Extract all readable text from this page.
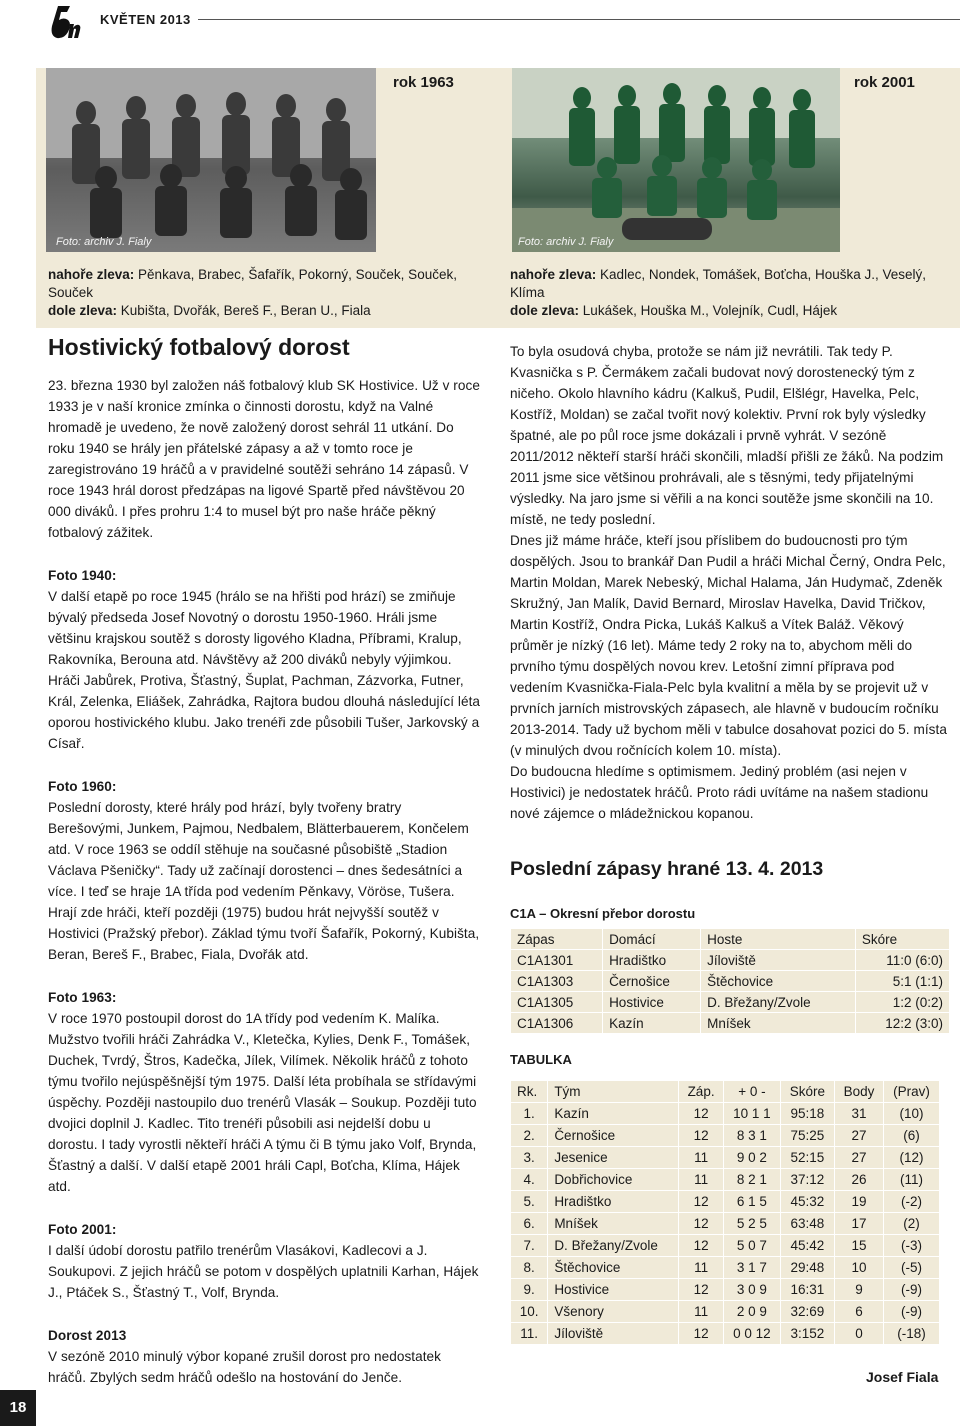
KVĚTEN 2013
Foto: archiv J. Fialy
rok 1963
Foto: archiv J. Fialy
rok 2001
nahoře zleva: Pěnkava, Brabec, Šafařík, Pokorný, Souček, Souček, Souček
dole zleva: Kubišta, Dvořák, Bereš F., Beran U., Fiala
nahoře zleva: Kadlec, Nondek, Tomášek, Boťcha, Houška J., Veselý, Klíma
dole zleva: Lukášek, Houška M., Volejník, Cudl, Hájek
Hostivický fotbalový dorost

23. března 1930 byl založen náš fotbalový klub SK Hostivice. Už v roce 1933 je v naší kronice zmínka o činnosti dorostu, když na Valné hromadě je uvedeno, že nově založený dorost sehrál 11 utkání. Do roku 1940 se hrály jen přátelské zápasy a až v tomto roce je zaregistrováno 19 hráčů a v pravidelné soutěži sehráno 14 zápasů. V roce 1943 hrál dorost předzápas na ligové Spartě před návštěvou 20 000 diváků. I přes prohru 1:4 to musel být pro naše hráče pěkný fotbalový zážitek.

Foto 1940:

V další etapě po roce 1945 (hrálo se na hřišti pod hrází) se zmiňuje bývalý předseda Josef Novotný o dorostu 1950-1960. Hráli jsme většinu krajskou soutěž s dorosty ligového Kladna, Příbrami, Kralup, Rakovníka, Berouna atd. Návštěvy až 200 diváků nebyly výjimkou. Hráči Jabůrek, Protiva, Šťastný, Šuplat, Pachman, Zázvorka, Futner, Král, Zelenka, Eliášek, Zahrádka, Rajtora budou dlouhá následující léta oporou hostivického klubu. Jako trenéři zde působili Tušer, Jarkovský a Císař.

Foto 1960:

Poslední dorosty, které hrály pod hrází, byly tvořeny bratry Berešovými, Junkem, Pajmou, Nedbalem, Blätterbauerem, Končelem atd. V roce 1963 se oddíl stěhuje na současné působiště „Stadion Václava Pšeničky“. Tady už začínají dorostenci – dnes šedesátníci a více. I teď se hraje 1A třída pod vedením Pěnkavy, Vöröse, Tušera. Hrají zde hráči, kteří později (1975) budou hrát nejvyšší soutěž v Hostivici (Pražský přebor). Základ týmu tvoří Šafařík, Pokorný, Kubišta, Beran, Bereš F., Brabec, Fiala, Dvořák atd.

Foto 1963:

V roce 1970 postoupil dorost do 1A třídy pod vedením K. Malíka. Mužstvo tvořili hráči Zahrádka V., Kletečka, Kylies, Denk F., Tomášek, Duchek, Tvrdý, Štros, Kadečka, Jílek, Vilímek. Několik hráčů z tohoto týmu tvořilo nejúspěšnější tým 1975. Další léta probíhala se střídavými úspěchy. Později nastoupilo duo trenérů Vlasák – Soukup. Později tuto dvojici doplnil J. Kadlec. Tito trenéři působili asi nejdelší dobu u dorostu. I tady vyrostli někteří hráči A týmu či B týmu jako Volf, Brynda, Šťastný a další. V další etapě 2001 hráli Capl, Boťcha, Klíma, Hájek atd.

Foto 2001:

I další údobí dorostu patřilo trenérům Vlasákovi, Kadlecovi a J. Soukupovi. Z jejich hráčů se potom v dospělých uplatnili Karhan, Hájek J., Ptáček S., Šťastný T., Volf, Brynda.

Dorost 2013

V sezóně 2010 minulý výbor kopané zrušil dorost pro nedostatek hráčů. Zbylých sedm hráčů odešlo na hostování do Jenče.

To byla osudová chyba, protože se nám již nevrátili. Tak tedy P. Kvasnička s P. Čermákem začali budovat nový dorostenecký tým z ničeho. Okolo hlavního kádru (Kalkuš, Pudil, Elšlégr, Havelka, Pelc, Kostříž, Moldan) se začal tvořit nový kolektiv. První rok byly výsledky špatné, ale po půl roce jsme dokázali i prvně vyhrát. V sezóně 2011/2012 někteří starší hráči skončili, mladší přišli ze žáků. Na podzim 2011 jsme sice většinou prohrávali, ale s těsnými, tedy přijatelnými výsledky. Na jaro jsme si věřili a na konci soutěže jsme skončili na 10. místě, ne tedy poslední.

Dnes již máme hráče, kteří jsou příslibem do budoucnosti pro tým dospělých. Jsou to brankář Dan Pudil a hráči Michal Černý, Ondra Pelc, Martin Moldan, Marek Nebeský, Michal Halama, Ján Hudymač, Zdeněk Skružný, Jan Malík, David Bernard, Miroslav Havelka, David Tričkov, Martin Kostříž, Ondra Picka, Lukáš Kalkuš a Vítek Baláž. Věkový průměr je nízký (16 let). Máme tedy 2 roky na to, abychom měli do prvního týmu dospělých novou krev. Letošní zimní příprava pod vedením Kvasnička-Fiala-Pelc byla kvalitní a měla by se projevit už v prvních jarních mistrovských zápasech, ale hlavně v budoucím ročníku 2013-2014. Tady už bychom měli v tabulce dosahovat pozici do 5. místa (v minulých dvou ročnících kolem 10. místa).

Do budoucna hledíme s optimismem. Jediný problém (asi nejen v Hostivici) je nedostatek hráčů. Proto rádi uvítáme na našem stadionu nové zájemce o mládežnickou kopanou.

Poslední zápasy hrané 13. 4. 2013
C1A – Okresní přebor dorostu
Zápas	Domácí	Hoste	Skóre
C1A1301	Hradištko	Jíloviště	11:0 (6:0)
C1A1303	Černošice	Štěchovice	5:1 (1:1)
C1A1305	Hostivice	D. Břežany/Zvole	1:2 (0:2)
C1A1306	Kazín	Mníšek	12:2 (3:0)
TABULKA
Rk.	Tým	Záp.	+ 0 -	Skóre	Body	(Prav)
1.	Kazín	12	10 1 1	95:18	31	(10)
2.	Černošice	12	8 3 1	75:25	27	(6)
3.	Jesenice	11	9 0 2	52:15	27	(12)
4.	Dobřichovice	11	8 2 1	37:12	26	(11)
5.	Hradištko	12	6 1 5	45:32	19	(-2)
6.	Mníšek	12	5 2 5	63:48	17	(2)
7.	D. Břežany/Zvole	12	5 0 7	45:42	15	(-3)
8.	Štěchovice	11	3 1 7	29:48	10	(-5)
9.	Hostivice	12	3 0 9	16:31	9	(-9)
10.	Všenory	11	2 0 9	32:69	6	(-9)
11.	Jíloviště	12	0 0 12	3:152	0	(-18)
Josef Fiala
18
